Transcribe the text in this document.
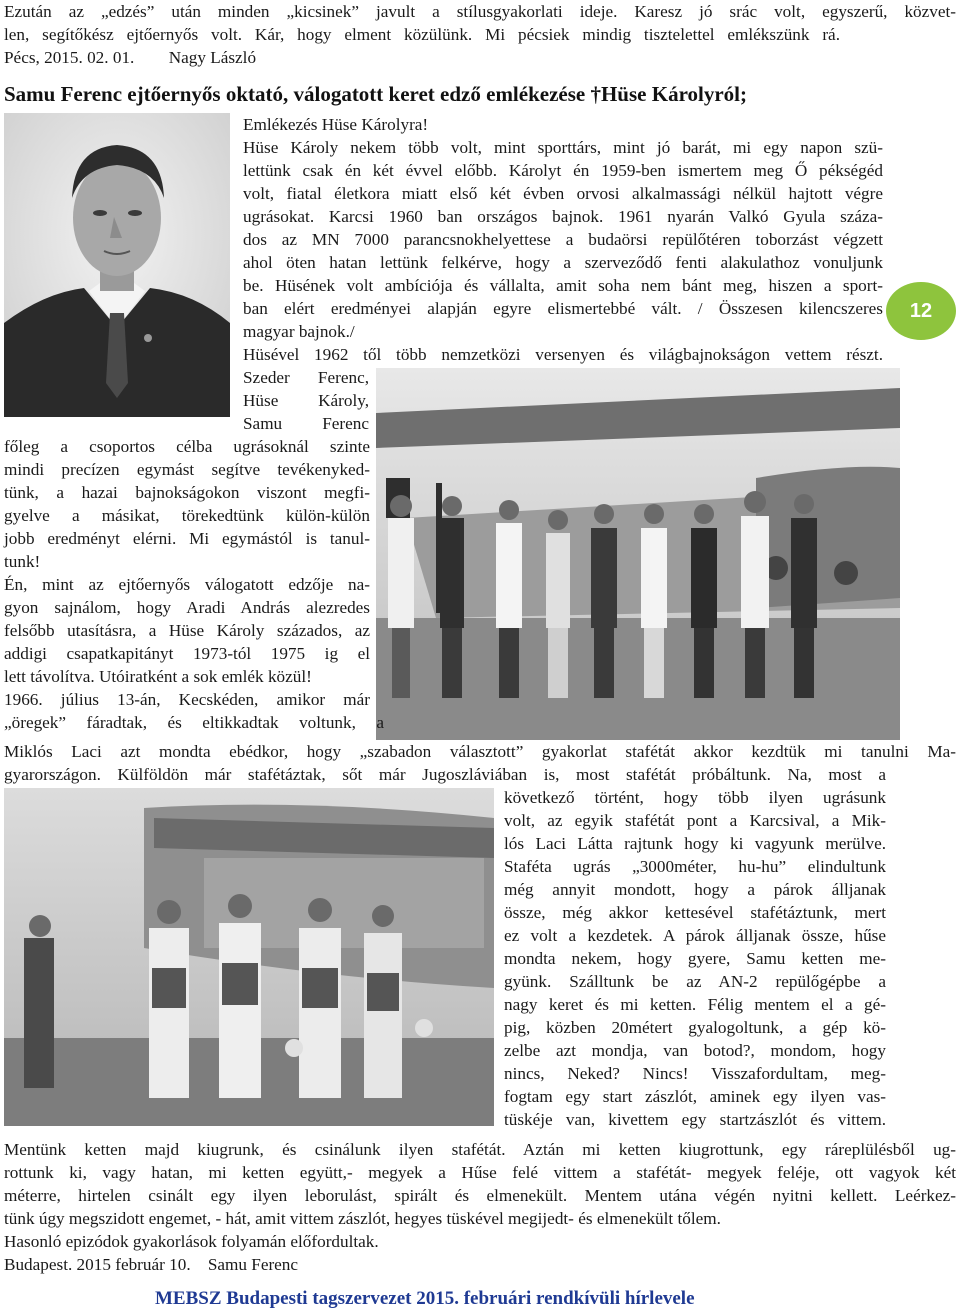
Ezután az „edzés” után minden „kicsinek” javult a stílusgyakorlati ideje. Karesz jó srác volt, egyszerű, közvet-
len, segítőkész ejtőernyős volt. Kár, hogy elment közülünk. Mi pécsiek mindig tisztelettel emlékszünk rá.
Pécs, 2015. 02. 01.        Nagy László
Samu Ferenc ejtőernyős oktató, válogatott keret edző emlékezése †Hüse Károlyról;
Emlékezés Hüse Károlyra!
Hüse Károly nekem több volt, mint sporttárs, mint jó barát, mi egy napon szü-
lettünk csak én két évvel előbb. Károlyt én 1959-ben ismertem meg Ő pékségéd
volt, fiatal életkora miatt első két évben orvosi alkalmassági nélkül hajtott végre
ugrásokat. Karcsi 1960 ban országos bajnok. 1961 nyarán Valkó Gyula száza-
dos az MN 7000 parancsnokhelyettese a budaörsi repülőtéren toborzást végzett
ahol öten hatan lettünk felkérve, hogy a szerveződő fenti alakulathoz vonuljunk
be. Hüsének volt ambíciója és vállalta, amit soha nem bánt meg, hiszen a sport-
ban elért eredményei alapján egyre elismertebbé vált. / Összesen kilencszeres
magyar bajnok./
Hüsével 1962 től több nemzetközi versenyen és világbajnokságon vettem részt.
Szeder Ferenc,
Hüse Károly,
Samu Ferenc
12
főleg a csoportos célba ugrásoknál szinte
mindi precízen egymást segítve tevékenyked-
tünk, a hazai bajnokságokon viszont megfi-
gyelve a másikat, törekedtünk külön-külön
jobb eredményt elérni. Mi egymástól is tanul-
tunk!
Én, mint az ejtőernyős válogatott edzője na-
gyon sajnálom, hogy Aradi András alezredes
felsőbb utasításra, a Hüse Károly százados, az
addigi csapatkapitányt 1973-tól 1975 ig el
lett távolítva. Utóiratként a sok emlék közül!
1966. július 13-án, Kecskéden, amikor már
„öregek” fáradtak, és eltikkadtak voltunk, a
Miklós Laci azt mondta ebédkor, hogy „szabadon választott” gyakorlat stafétát akkor kezdtük mi tanulni Ma-
gyarországon. Külföldön már stafétáztak, sőt már Jugoszláviában is, most stafétát próbáltunk. Na, most a
következő történt, hogy több ilyen ugrásunk
volt, az egyik stafétát pont a Karcsival, a Mik-
lós Laci Látta rajtunk hogy ki vagyunk merülve.
Staféta ugrás „3000méter, hu-hu” elindultunk
még annyit mondott, hogy a párok álljanak
össze, még akkor kettesével stafétáztunk, mert
ez volt a kezdetek. A párok álljanak össze, hűse
mondta nekem, hogy gyere, Samu ketten me-
gyünk. Szálltunk be az AN-2 repülőgépbe a
nagy keret és mi ketten. Félig mentem el a gé-
pig, közben 20métert gyalogoltunk, a gép kö-
zelbe azt mondja, van botod?, mondom, hogy
nincs, Neked? Nincs! Visszafordultam, meg-
fogtam egy start zászlót, aminek egy ilyen vas-
tüskéje van, kivettem egy startzászlót és vittem.
Mentünk ketten majd kiugrunk, és csinálunk ilyen stafétát. Aztán mi ketten kiugrottunk, egy ráreplülésből ug-
rottunk ki, vagy hatan, mi ketten együtt,- megyek a Hűse felé vittem a stafétát- megyek feléje, ott vagyok két
méterre, hirtelen csinált egy ilyen leborulást, spirált és elmenekült. Mentem utána végén nyitni kellett. Leérkez-
tünk úgy megszidott engemet, - hát, amit vittem zászlót, hegyes tüskével megijedt- és elmenekült tőlem.
Hasonló epizódok gyakorlások folyamán előfordultak.
Budapest. 2015 február 10.    Samu Ferenc
MEBSZ Budapesti tagszervezet 2015. februári rendkívüli hírlevele
